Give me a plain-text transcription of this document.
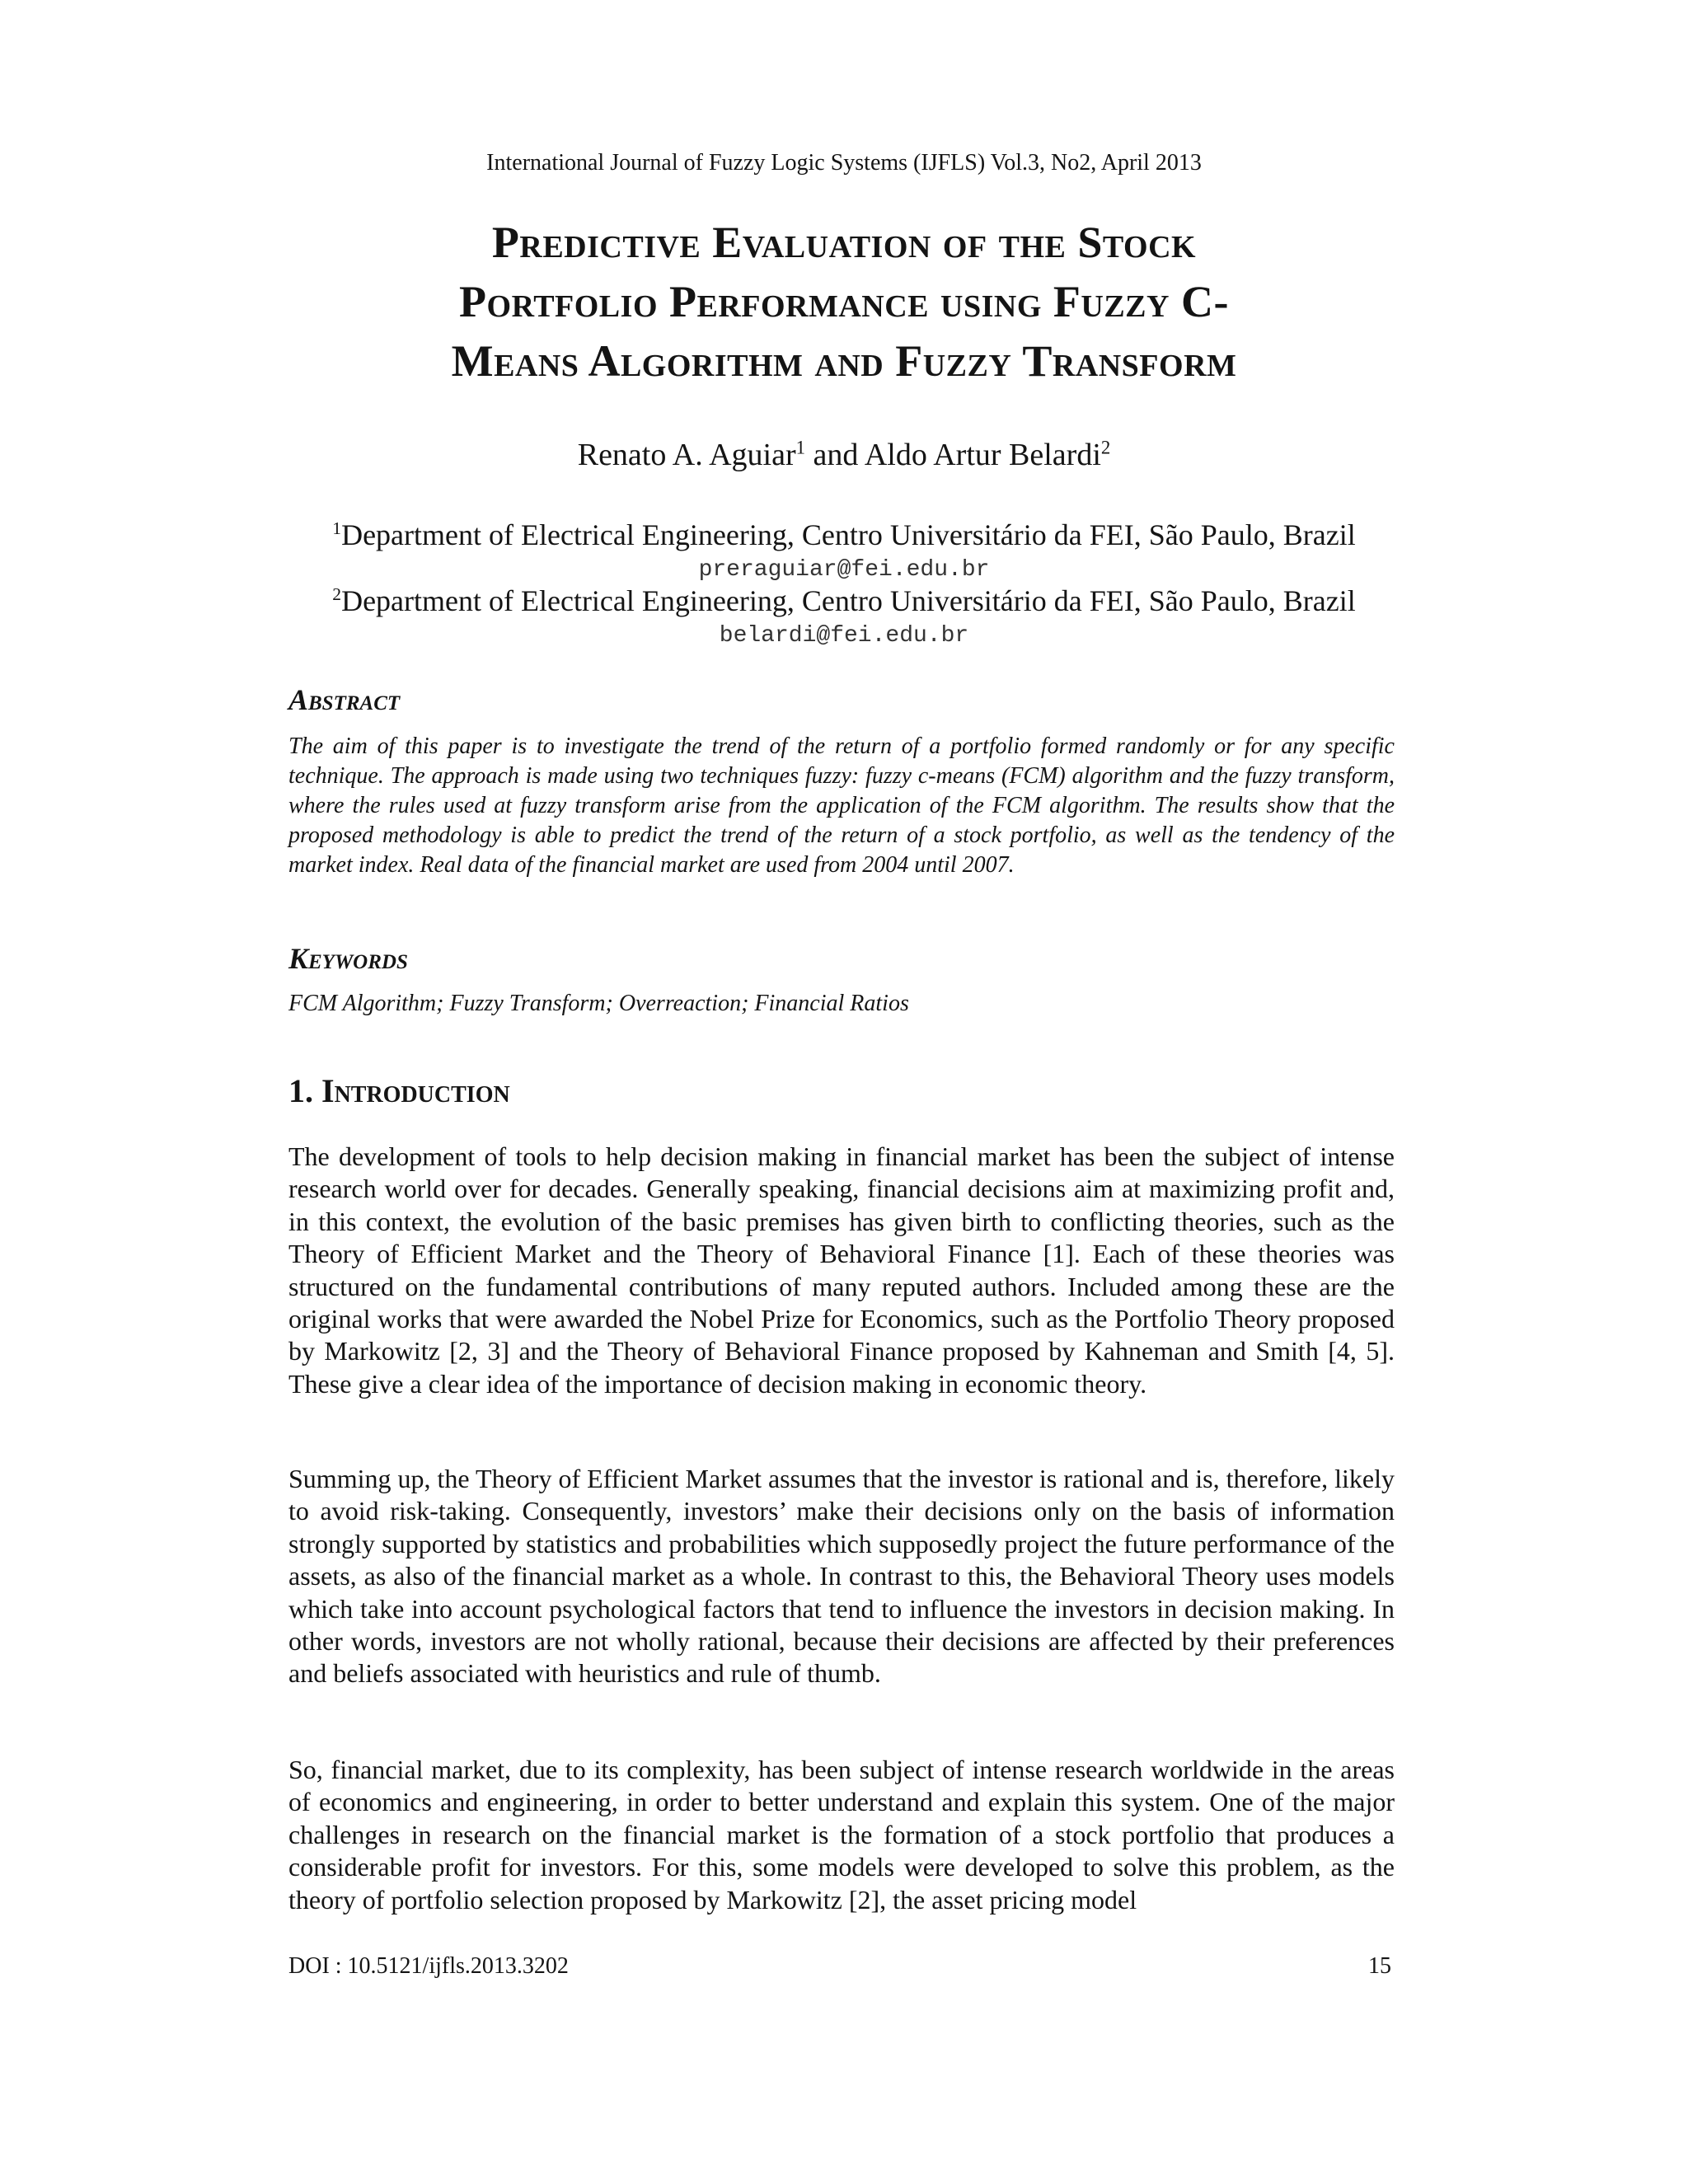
International Journal of Fuzzy Logic Systems (IJFLS) Vol.3, No2, April 2013
Predictive Evaluation of the Stock
Portfolio Performance using Fuzzy C-
Means Algorithm and Fuzzy Transform
Renato A. Aguiar$^1$ and Aldo Artur Belardi$^2$
$^1$Department of Electrical Engineering, Centro Universitário da FEI, São Paulo, Brazil
preraguiar@fei.edu.br
$^2$Department of Electrical Engineering, Centro Universitário da FEI, São Paulo, Brazil
belardi@fei.edu.br
Abstract
The aim of this paper is to investigate the trend of the return of a portfolio formed randomly or for any specific technique. The approach is made using two techniques fuzzy: fuzzy c-means (FCM) algorithm and the fuzzy transform, where the rules used at fuzzy transform arise from the application of the FCM algorithm. The results show that the proposed methodology is able to predict the trend of the return of a stock portfolio, as well as the tendency of the market index. Real data of the financial market are used from 2004 until 2007.
Keywords
FCM Algorithm; Fuzzy Transform; Overreaction; Financial Ratios
1. Introduction
The development of tools to help decision making in financial market has been the subject of intense research world over for decades. Generally speaking, financial decisions aim at maximizing profit and, in this context, the evolution of the basic premises has given birth to conflicting theories, such as the Theory of Efficient Market and the Theory of Behavioral Finance [1]. Each of these theories was structured on the fundamental contributions of many reputed authors. Included among these are the original works that were awarded the Nobel Prize for Economics, such as the Portfolio Theory proposed by Markowitz [2, 3] and the Theory of Behavioral Finance proposed by Kahneman and Smith [4, 5]. These give a clear idea of the importance of decision making in economic theory.
Summing up, the Theory of Efficient Market assumes that the investor is rational and is, therefore, likely to avoid risk-taking. Consequently, investors’ make their decisions only on the basis of information strongly supported by statistics and probabilities which supposedly project the future performance of the assets, as also of the financial market as a whole. In contrast to this, the Behavioral Theory uses models which take into account psychological factors that tend to influence the investors in decision making. In other words, investors are not wholly rational, because their decisions are affected by their preferences and beliefs associated with heuristics and rule of thumb.
So, financial market, due to its complexity, has been subject of intense research worldwide in the areas of economics and engineering, in order to better understand and explain this system. One of the major challenges in research on the financial market is the formation of a stock portfolio that produces a considerable profit for investors. For this, some models were developed to solve this problem, as the theory of portfolio selection proposed by Markowitz [2], the asset pricing model
DOI : 10.5121/ijfls.2013.3202	15
